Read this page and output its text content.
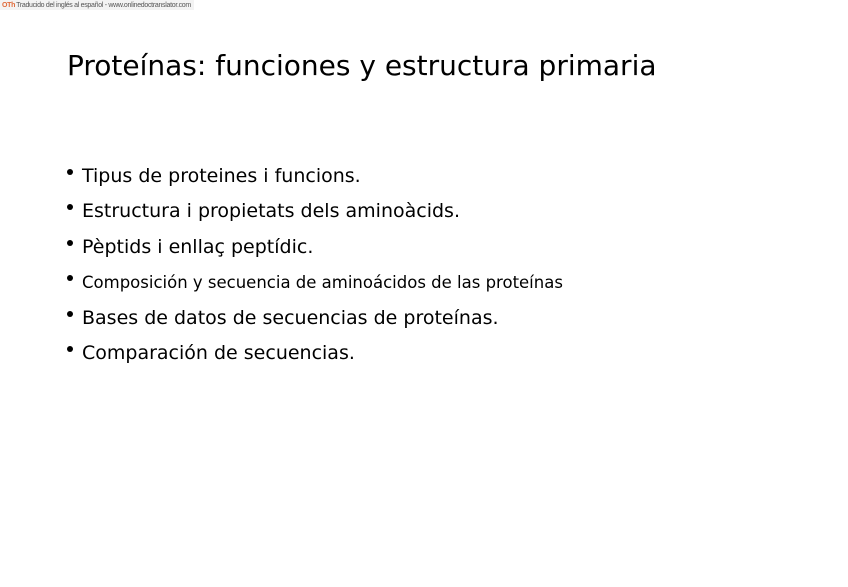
OTh Traducido del inglés al español - www.onlinedoctranslator.com
Proteínas: funciones y estructura primaria
Tipus de proteines i funcions.
Estructura i propietats dels aminoàcids.
Pèptids i enllaç peptídic.
Composición y secuencia de aminoácidos de las proteínas
Bases de datos de secuencias de proteínas.
Comparación de secuencias.
